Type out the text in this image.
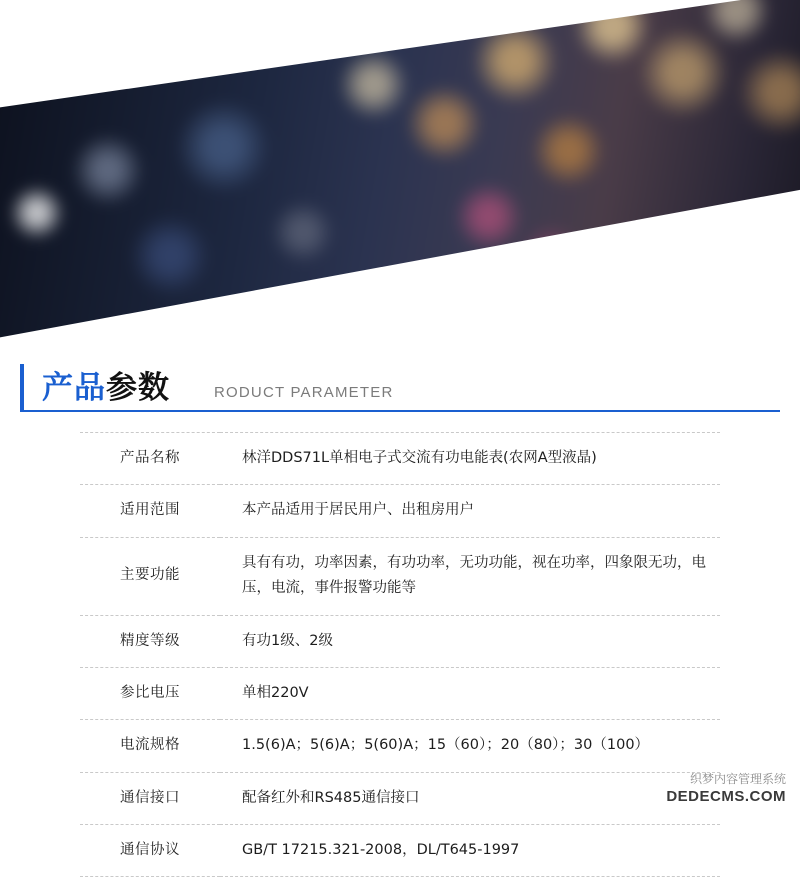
产品参数	RODUCT PARAMETER
产品名称	林洋DDS71L单相电子式交流有功电能表(农网A型液晶)
适用范围	本产品适用于居民用户、出租房用户
主要功能	具有有功，功率因素，有功功率，无功功能，视在功率，四象限无功，电压，电流，事件报警功能等
精度等级	有功1级、2级
参比电压	单相220V
电流规格	1.5(6)A；5(6)A；5(60)A；15（60）；20（80）；30（100）
通信接口	配备红外和RS485通信接口
通信协议	GB/T 17215.321-2008，DL/T645-1997
织梦内容管理系统
DEDECMS.COM
